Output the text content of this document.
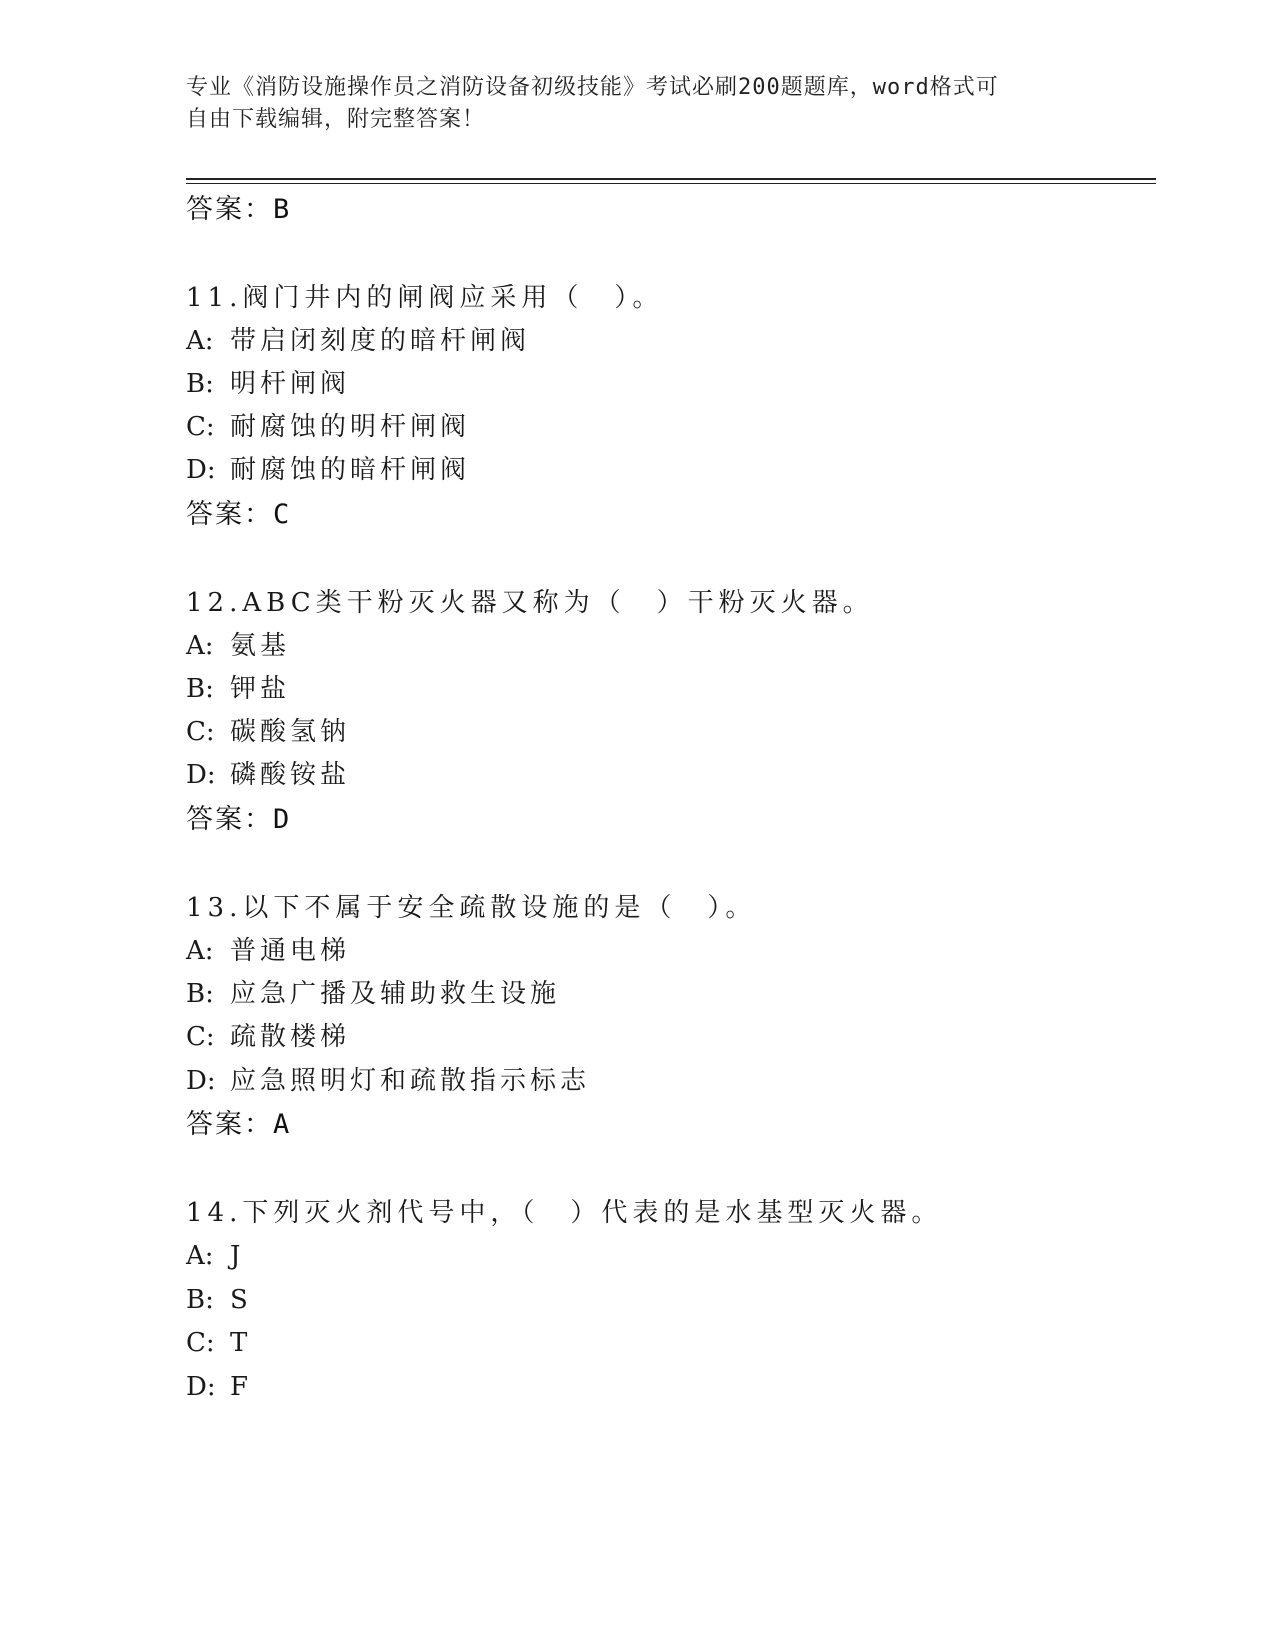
专业《消防设施操作员之消防设备初级技能》考试必刷200题题库，word格式可
自由下载编辑，附完整答案！
答案：B
11.阀门井内的闸阀应采用（　）。
A: 带启闭刻度的暗杆闸阀
B: 明杆闸阀
C: 耐腐蚀的明杆闸阀
D: 耐腐蚀的暗杆闸阀
答案：C
12.ABC类干粉灭火器又称为（　）干粉灭火器。
A: 氨基
B: 钾盐
C: 碳酸氢钠
D: 磷酸铵盐
答案：D
13.以下不属于安全疏散设施的是（　）。
A: 普通电梯
B: 应急广播及辅助救生设施
C: 疏散楼梯
D: 应急照明灯和疏散指示标志
答案：A
14.下列灭火剂代号中，（　）代表的是水基型灭火器。
A: J
B: S
C: T
D: F
